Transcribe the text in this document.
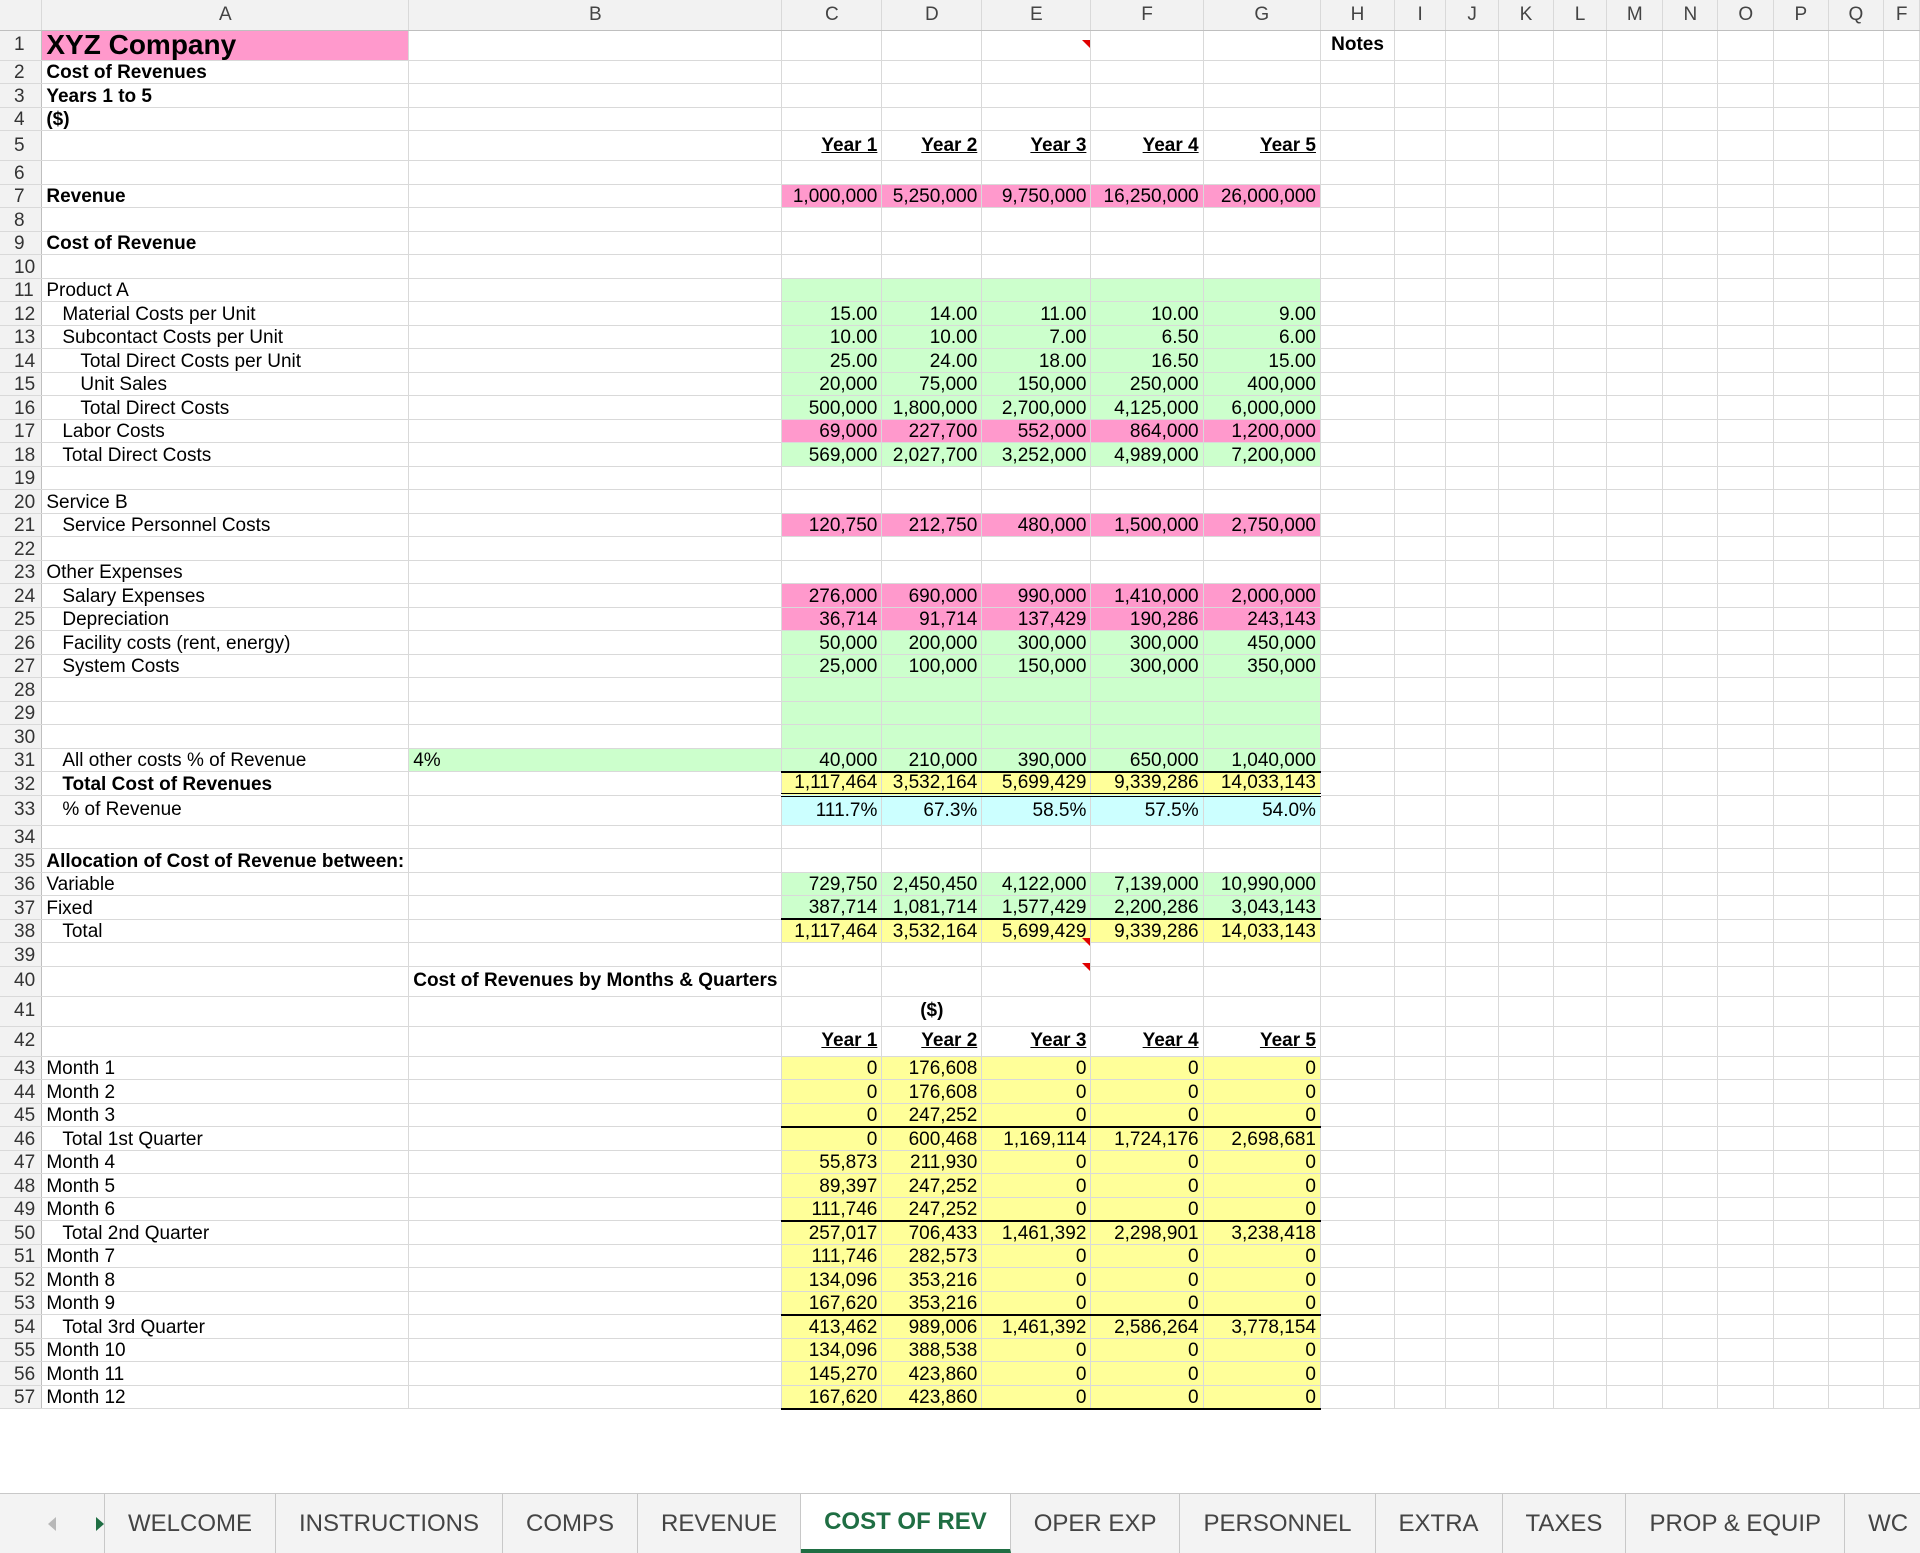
	A	B	C	D	E	F	G	H	I	J	K	L	M	N	O	P	Q	F
1	XYZ Company							Notes										
2	Cost of Revenues																	
3	Years 1 to 5																	
4	($)																	
5			Year 1	Year 2	Year 3	Year 4	Year 5											
6																		
7	Revenue		1,000,000	5,250,000	9,750,000	16,250,000	26,000,000											
8																		
9	Cost of Revenue																	
10																		
11	Product A																	
12	Material Costs per Unit		15.00	14.00	11.00	10.00	9.00											
13	Subcontact Costs per Unit		10.00	10.00	7.00	6.50	6.00											
14	Total Direct Costs per Unit		25.00	24.00	18.00	16.50	15.00											
15	Unit Sales		20,000	75,000	150,000	250,000	400,000											
16	Total Direct Costs		500,000	1,800,000	2,700,000	4,125,000	6,000,000											
17	Labor Costs		69,000	227,700	552,000	864,000	1,200,000											
18	Total Direct Costs		569,000	2,027,700	3,252,000	4,989,000	7,200,000											
19																		
20	Service B																	
21	Service Personnel Costs		120,750	212,750	480,000	1,500,000	2,750,000											
22																		
23	Other Expenses																	
24	Salary Expenses		276,000	690,000	990,000	1,410,000	2,000,000											
25	Depreciation		36,714	91,714	137,429	190,286	243,143											
26	Facility costs (rent, energy)		50,000	200,000	300,000	300,000	450,000											
27	System Costs		25,000	100,000	150,000	300,000	350,000											
28																		
29																		
30																		
31	All other costs % of Revenue	4%	40,000	210,000	390,000	650,000	1,040,000											
32	Total Cost of Revenues		1,117,464	3,532,164	5,699,429	9,339,286	14,033,143											
33	% of Revenue		111.7%	67.3%	58.5%	57.5%	54.0%											
34																		
35	Allocation of Cost of Revenue between:																	
36	Variable		729,750	2,450,450	4,122,000	7,139,000	10,990,000											
37	Fixed		387,714	1,081,714	1,577,429	2,200,286	3,043,143											
38	Total		1,117,464	3,532,164	5,699,429	9,339,286	14,033,143											
39																		
40		Cost of Revenues by Months & Quarters																
41				($)														
42			Year 1	Year 2	Year 3	Year 4	Year 5											
43	Month 1		0	176,608	0	0	0											
44	Month 2		0	176,608	0	0	0											
45	Month 3		0	247,252	0	0	0											
46	Total 1st Quarter		0	600,468	1,169,114	1,724,176	2,698,681											
47	Month 4		55,873	211,930	0	0	0											
48	Month 5		89,397	247,252	0	0	0											
49	Month 6		111,746	247,252	0	0	0											
50	Total 2nd Quarter		257,017	706,433	1,461,392	2,298,901	3,238,418											
51	Month 7		111,746	282,573	0	0	0											
52	Month 8		134,096	353,216	0	0	0											
53	Month 9		167,620	353,216	0	0	0											
54	Total 3rd Quarter		413,462	989,006	1,461,392	2,586,264	3,778,154											
55	Month 10		134,096	388,538	0	0	0											
56	Month 11		145,270	423,860	0	0	0											
57	Month 12		167,620	423,860	0	0	0											
WELCOME	INSTRUCTIONS	COMPS	REVENUE	COST OF REV	OPER EXP	PERSONNEL	EXTRA	TAXES	PROP & EQUIP	WC
